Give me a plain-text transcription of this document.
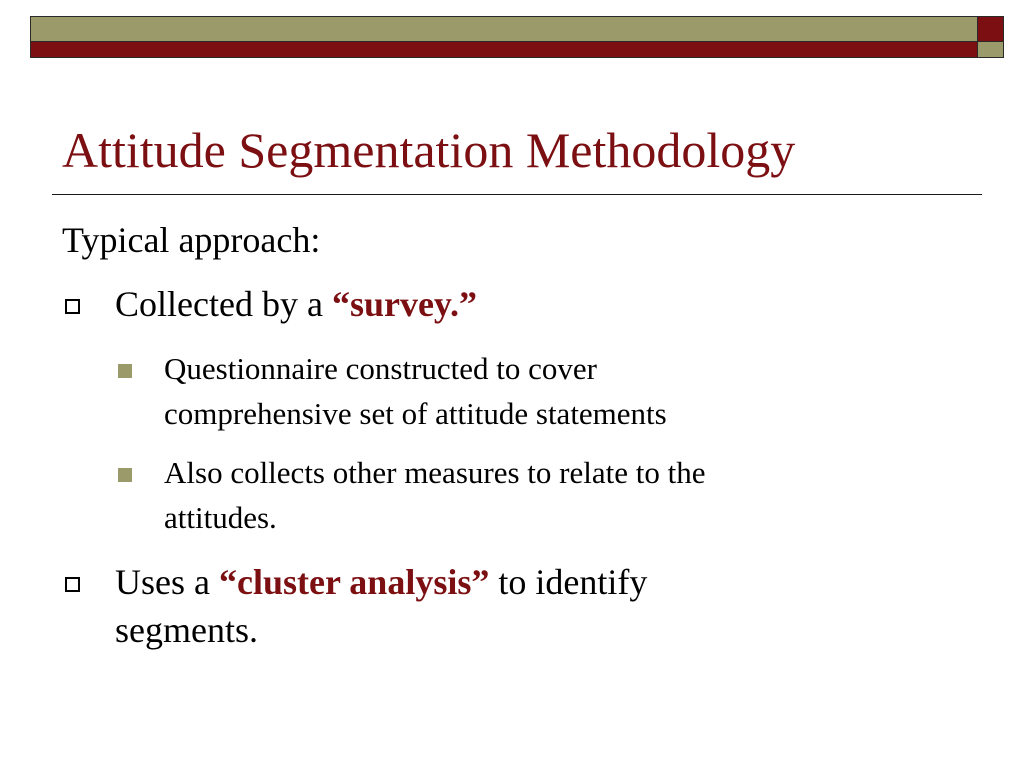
Attitude Segmentation Methodology
Typical approach:
Collected by a “survey.”
Questionnaire constructed to cover
comprehensive set of attitude statements
Also collects other measures to relate to the
attitudes.
Uses a “cluster analysis” to identify
segments.
